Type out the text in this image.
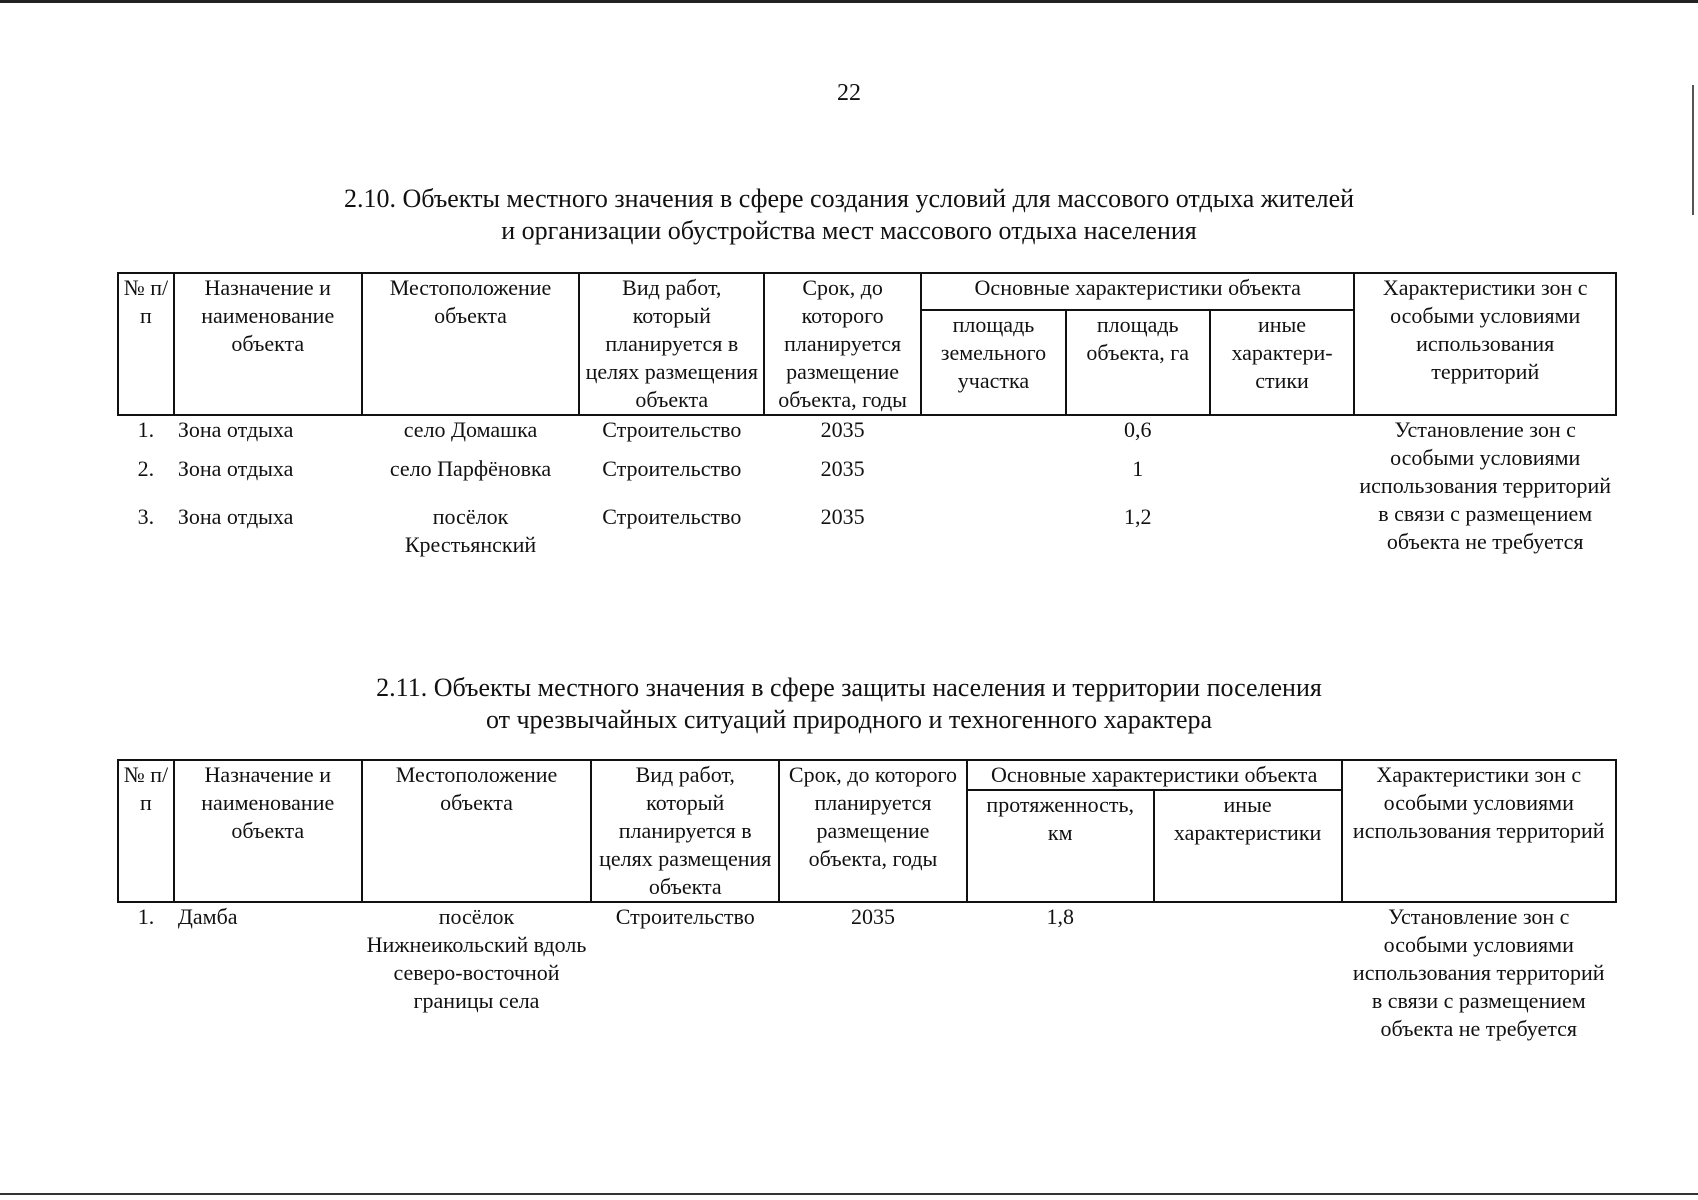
22
2.10. Объекты местного значения в сфере создания условий для массового отдыха жителей
и организации обустройства мест массового отдыха населения
№ п/п	Назначение и наименование объекта	Местоположение объекта	Вид работ, который планируется в целях размещения объекта	Срок, до которого планируется размещение объекта, годы	Основные характеристики объекта			Характеристики зон с особыми условиями использования территорий
					площадь земельного участка	площадь объекта, га	иные характери-стики	
1.	Зона отдыха	село Домашка	Строительство	2035		0,6		Установление зон с особыми условиями использования территорий в связи с размещением объекта не требуется
2.	Зона отдыха	село Парфёновка	Строительство	2035		1		
3.	Зона отдыха	посёлок Крестьянский	Строительство	2035		1,2		
2.11. Объекты местного значения в сфере защиты населения и территории поселения
от чрезвычайных ситуаций природного и техногенного характера
№ п/п	Назначение и наименование объекта	Местоположение объекта	Вид работ, который планируется в целях размещения объекта	Срок, до которого планируется размещение объекта, годы	Основные характеристики объекта		Характеристики зон с особыми условиями использования территорий
					протяженность, км	иные характеристики	
1.	Дамба	посёлок Нижнеикольский вдоль северо-восточной границы села	Строительство	2035	1,8		Установление зон с особыми условиями использования территорий в связи с размещением объекта не требуется
